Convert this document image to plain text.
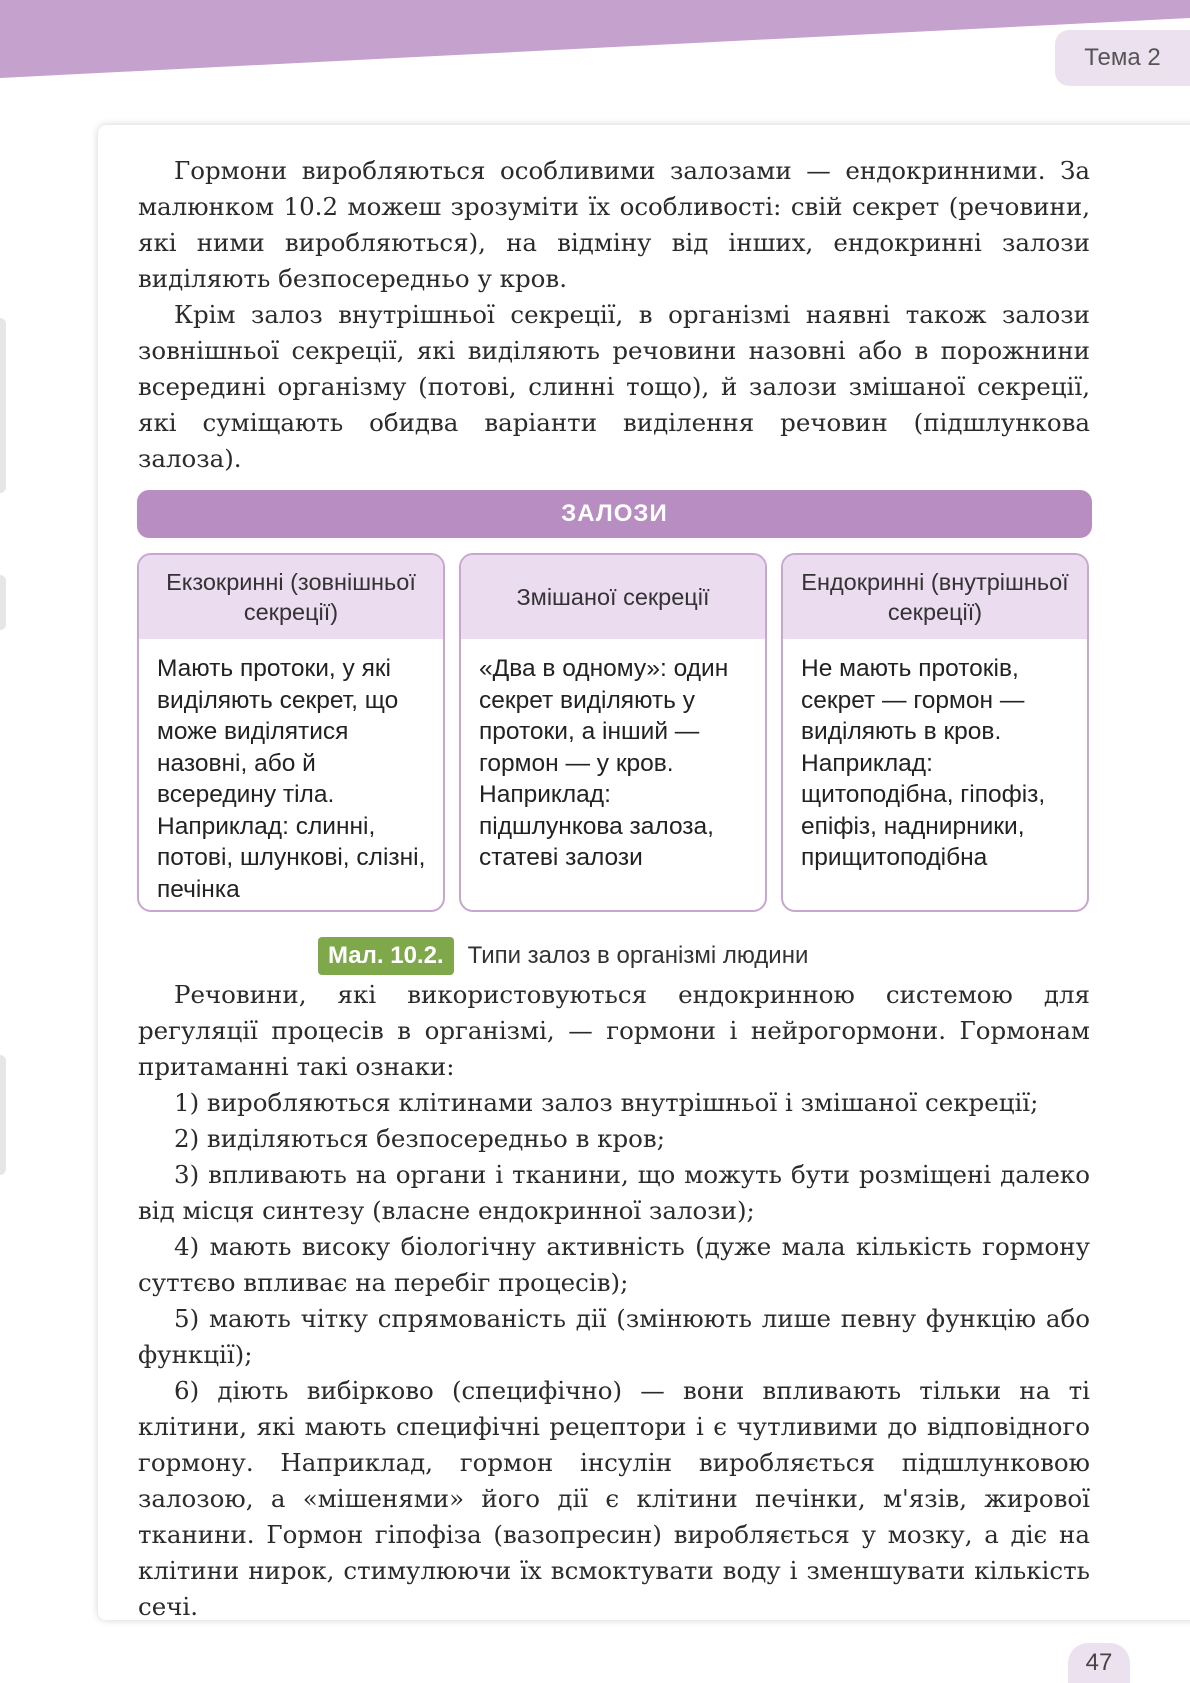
Тема 2

Гормони виробляються особливими залозами — ендокринними. За малюнком 10.2 можеш зрозуміти їх особливості: свій секрет (речовини, які ними виробляються), на відміну від інших, ендокринні залози виділяють безпосередньо у кров.

Крім залоз внутрішньої секреції, в організмі наявні також залози зовнішньої секреції, які виділяють речовини назовні або в порожнини всередині організму (потові, слинні тощо), й залози змішаної секреції, які суміщають обидва варіанти виділення речовин (підшлункова залоза).

ЗАЛОЗИ
Екзокринні (зовнішньої секреції)
Мають протоки, у які виділяють секрет, що може виділятися назовні, або й всередину тіла. Наприклад: слинні, потові, шлункові, слізні, печінка
Змішаної секреції
«Два в одному»: один секрет виділяють у протоки, а інший — гормон — у кров. Наприклад: підшлункова залоза, статеві залози
Ендокринні (внутрішньої секреції)
Не мають протоків, секрет — гормон — виділяють в кров. Наприклад: щитоподібна, гіпофіз, епіфіз, наднирники, прищитоподібна
Мал. 10.2.	Типи залоз в організмі людини

Речовини, які використовуються ендокринною системою для регуляції процесів в організмі, — гормони і нейрогормони. Гормонам притаманні такі ознаки:

1) виробляються клітинами залоз внутрішньої і змішаної секреції;

2) виділяються безпосередньо в кров;

3) впливають на органи і тканини, що можуть бути розміщені далеко від місця синтезу (власне ендокринної залози);

4) мають високу біологічну активність (дуже мала кількість гормону суттєво впливає на перебіг процесів);

5) мають чітку спрямованість дії (змінюють лише певну функцію або функції);

6) діють вибірково (специфічно) — вони впливають тільки на ті клітини, які мають специфічні рецептори і є чутливими до відповідного гормону. Наприклад, гормон інсулін виробляється підшлунковою залозою, а «мішенями» його дії є клітини печінки, м'язів, жирової тканини. Гормон гіпофіза (вазопресин) виробляється у мозку, а діє на клітини нирок, стимулюючи їх всмоктувати воду і зменшувати кількість сечі.

47
